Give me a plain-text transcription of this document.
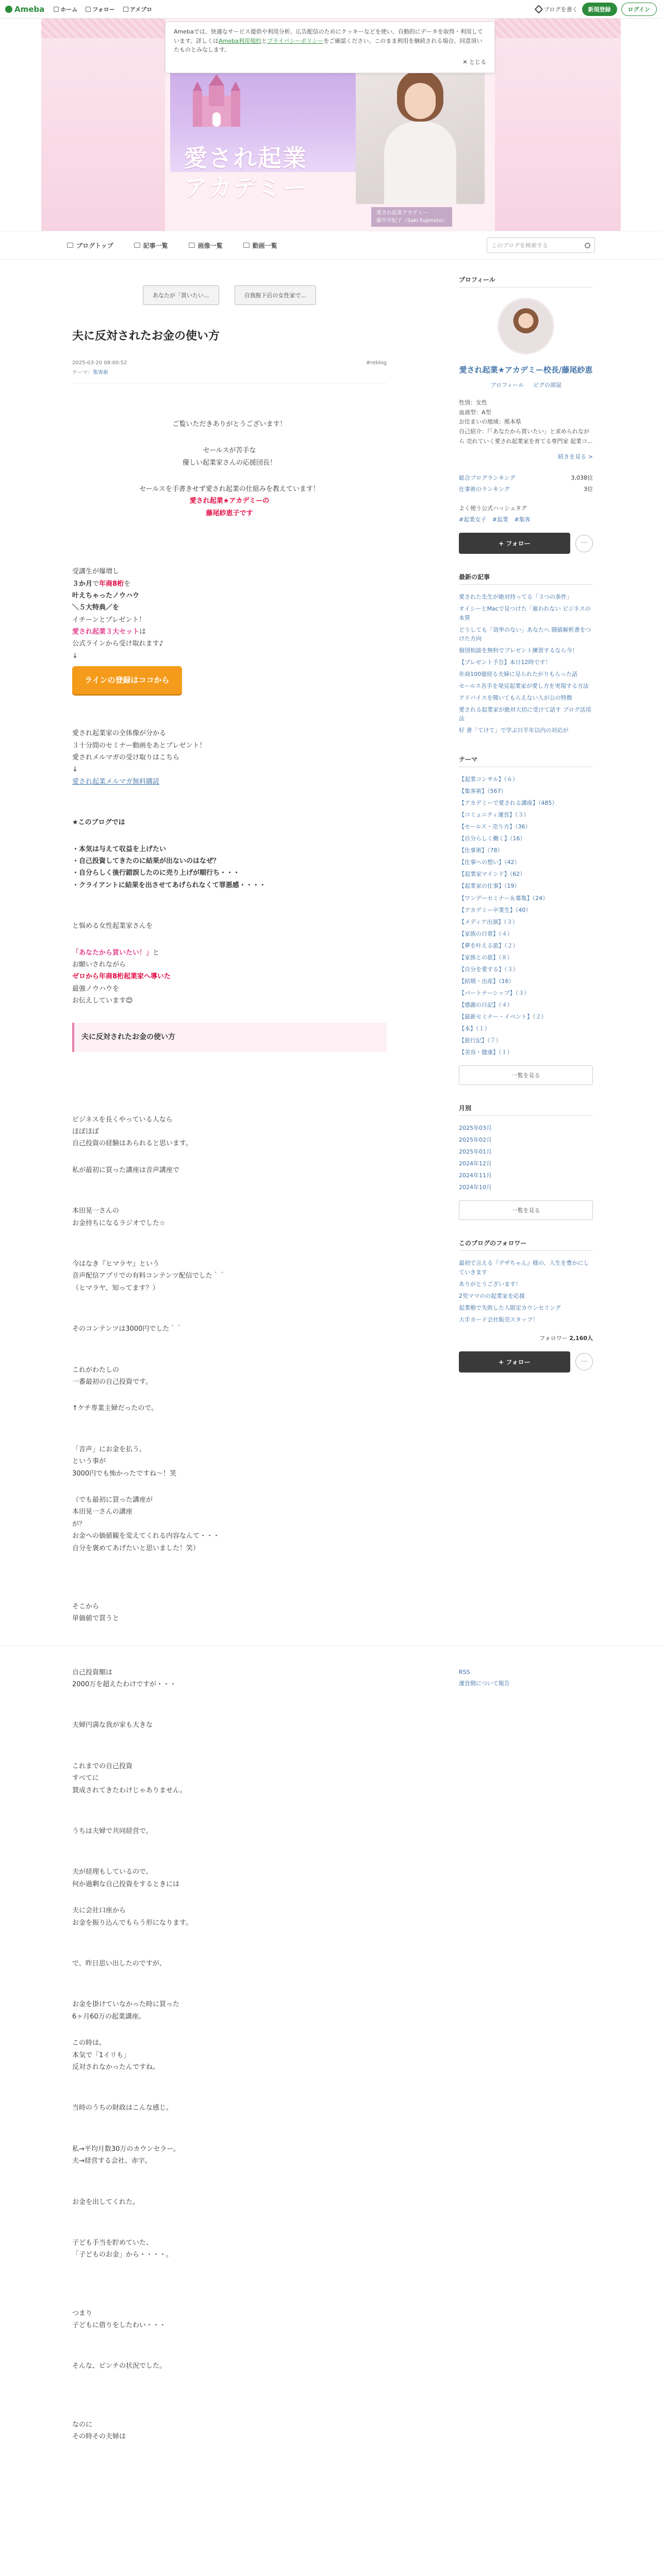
Ameba	ホーム	フォロー	アメブロ	ブログを書く	新規登録	ログイン
愛され起業
アカデミー
愛され起業アカデミー
藤井早紀子（Saki Fujimoto）
Amebaでは、快適なサービス提供や利用分析、広告配信のためにクッキーなどを使い、自動的にデータを取得・利用しています。詳しくはAmeba利用規約とプライバシーポリシーをご確認ください。このまま利用を継続される場合、同意頂いたものとみなします。
✕ とじる
ブログトップ	記事一覧	画像一覧	動画一覧	このブログを検索する
あなたが「買いたい...	自我脱下后の女性家で...
夫に反対されたお金の使い方
2025-03-20 08:00:52	#reblog
テーマ：集客術

ご覧いただきありがとうございます！

セールスが苦手な

優しい起業家さんの応援団長！

セールスを手書きせず愛され起業の仕組みを教えています！

愛され起業★アカデミーの

藤尾紗恵子です

受講生が爆増し

３か月で年商8桁を

叶えちゃったノウハウ

＼５大特典／を

イチーンとプレゼント！

愛され起業３大セットは

公式ラインから受け取れます♪

↓

ラインの登録はココから

愛され起業家の全体像が分かる

３十分間のセミナー動画をあとプレゼント！

愛されメルマガの受け取りはこちら

↓

愛され起業メルマガ無料購読

★このブログでは

・本気は与えて収益を上げたい

・自己投資してきたのに結果が出ないのはなぜ？

・自分らしく後行錯誤したのに売り上げが順行ち・・・

・クライアントに結果を出させてあげられなくて罪悪感・・・・

と悩める女性起業家さんを

「あなたから買いたい！」と

お願いされながら

ゼロから年商8桁起業家へ導いた

最強ノウハウを

お伝えしています😊

夫に反対されたお金の使い方

ビジネスを長くやっている人なら

ほぼほぼ

自己投資の経験はあられると思います。

私が最初に買った講座は音声講座で

本田晃一さんの

お金持ちになるラジオでした☆

今はなき『ヒマラヤ』という

音声配信アプリでの有料コンテンツ配信でした｀｀

（ヒマラヤ、知ってます？）

そのコンテンツは3000円でした｀｀

これがわたしの

一番最初の自己投資です。

↑ケチ専業主婦だったので。

「音声」にお金を払う。

という事が

3000円でも怖かったですね〜！笑

（でも最初に買った講座が

本田晃一さんの講座

が？

お金への価値観を変えてくれる内容なんて・・・

自分を褒めてあげたいと思いました！笑）

そこから

単価値で買うと

プロフィール
愛され起業★アカデミー校長/藤尾紗恵
プロフィール ピグの部屋

性別：女性

血液型：A型

お住まいの地域：熊本県

自己紹介：『「あなたから買いたい」と求められながら 売れていく愛され起業家を育てる専門家 起業コ...

続きを見る >
総合ブログランキング	3,038位
仕事術のランキング	3位

よく使う公式ハッシュタグ

#起業女子 #起業 #集客
+ フォロー	···
最新の記事
愛された先生が絶対持ってる「３つの条件」
オイシーとMacで見つけた「雇われない ビジネスの本質
どうしても「効率のない」あなたへ 闘値解析書をつけた方向
個別相談を無料でプレゼント練習するなら今！
【プレゼント予告】本日12時です！
年商100億経る夫婦に見られたがりもらった話
セールス苦手を発見起業家が愛し方を実現する方法
アドバイスを聞いてもらえない人が公の特徴
愛される起業家が絶対大切に受けて話す ブログ活用法
好 書「てけて」で学ぶ日半年以内の対応が
テーマ
【起業コンサル】（６）
【集客術】（567）
【アカデミーで愛される講座】（485）
【コミュニティ運営】（３）
【セールス・売り方】（36）
【自分らしく働く】（16）
【仕事術】（78）
【仕事への想い】（42）
【起業家マインド】（62）
【起業家の仕事】（19）
【ワンデーセミナー＆募集】（24）
【アカデミー卒業生】（40）
【メディア出演】（３）
【家族の日常】（４）
【夢を叶える旅】（２）
【家族との旅】（８）
【自分を愛する】（３）
【結婚・出産】（16）
【パートナーシップ】（３）
【感謝の日記】（４）
【最新セミナー・イベント】（２）
【本】（１）
【旅行記】（７）
【美容・健康】（１）
一覧を見る
月別
2025年03月
2025年02月
2025年01月
2024年12月
2024年11月
2024年10月
一覧を見る
このブログのフォロワー
最初で言える『デザちゃん』様の、人生を豊かにしていきます
ありがとうございます！
2児ママのの起業家を応援
起業塾で失敗した人限定カウンセリング
大手カード会社販売スタッフ！
フォロワー 2,160人
+ フォロー	···

自己投資額は

2000万を超えたわけですが・・・

夫婦円満な我が家も大きな

これまでの自己投資

すべてに

賛成されてきたわけじゃありません。

うちは夫婦で共同経営で。

夫が経理もしているので、

何か過剰な自己投資をするときには

夫に会社口座から

お金を振り込んでもらう形になります。

で、昨日思い出したのですが、

お金を掛けていなかった時に買った

6ヶ月60万の起業講座。

この時は、

本気で「1イリも」

反対されなかったんですね。

当時のうちの財政はこんな感じ。

私→平均月数30万のカウンセラー。

夫→経営する会社、赤字。

お金を出してくれた。

子ども手当を貯めていた、

「子どものお金」から・・・・。

つまり

子どもに借りをしたわい・・・

そんな、ピンチの状況でした。

なのに

その時その夫婦は

RSS

運営側について報告
